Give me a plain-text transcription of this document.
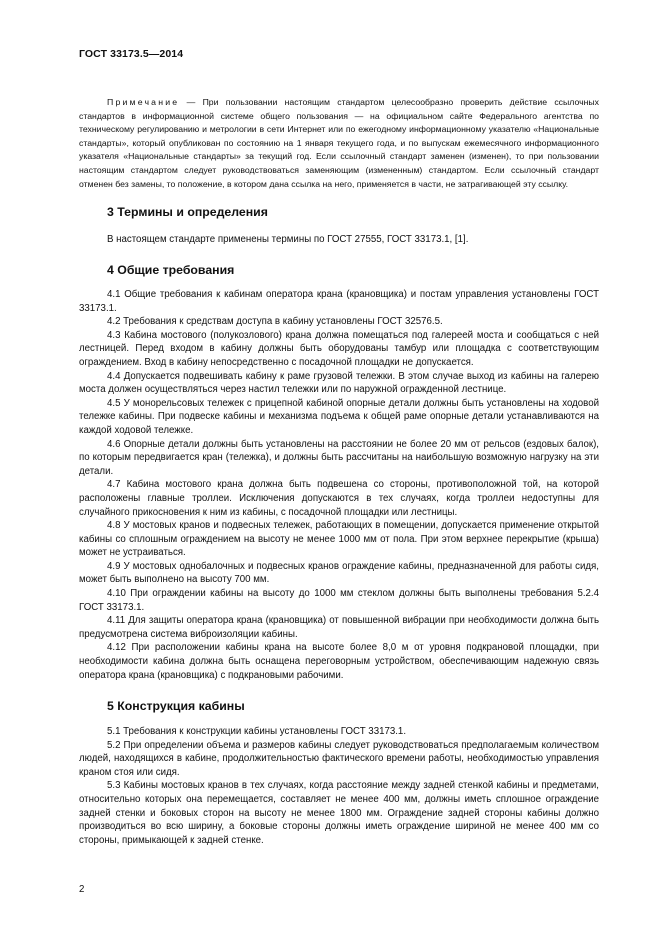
ГОСТ 33173.5—2014
Примечание — При пользовании настоящим стандартом целесообразно проверить действие ссылочных стандартов в информационной системе общего пользования — на официальном сайте Федерального агентства по техническому регулированию и метрологии в сети Интернет или по ежегодному информационному указателю «Национальные стандарты», который опубликован по состоянию на 1 января текущего года, и по выпускам ежемесячного информационного указателя «Национальные стандарты» за текущий год. Если ссылочный стандарт заменен (изменен), то при пользовании настоящим стандартом следует руководствоваться заменяющим (измененным) стандартом. Если ссылочный стандарт отменен без замены, то положение, в котором дана ссылка на него, применяется в части, не затрагивающей эту ссылку.
3 Термины и определения

В настоящем стандарте применены термины по ГОСТ 27555, ГОСТ 33173.1, [1].

4 Общие требования

4.1 Общие требования к кабинам оператора крана (крановщика) и постам управления установлены ГОСТ 33173.1.

4.2 Требования к средствам доступа в кабину установлены ГОСТ 32576.5.

4.3 Кабина мостового (полукозлового) крана должна помещаться под галереей моста и сообщаться с ней лестницей. Перед входом в кабину должны быть оборудованы тамбур или площадка с соответствующим ограждением. Вход в кабину непосредственно с посадочной площадки не допускается.

4.4 Допускается подвешивать кабину к раме грузовой тележки. В этом случае выход из кабины на галерею моста должен осуществляться через настил тележки или по наружной огражденной лестнице.

4.5 У монорельсовых тележек с прицепной кабиной опорные детали должны быть установлены на ходовой тележке кабины. При подвеске кабины и механизма подъема к общей раме опорные детали устанавливаются на каждой ходовой тележке.

4.6 Опорные детали должны быть установлены на расстоянии не более 20 мм от рельсов (ездовых балок), по которым передвигается кран (тележка), и должны быть рассчитаны на наибольшую возможную нагрузку на эти детали.

4.7 Кабина мостового крана должна быть подвешена со стороны, противоположной той, на которой расположены главные троллеи. Исключения допускаются в тех случаях, когда троллеи недоступны для случайного прикосновения к ним из кабины, с посадочной площадки или лестницы.

4.8 У мостовых кранов и подвесных тележек, работающих в помещении, допускается применение открытой кабины со сплошным ограждением на высоту не менее 1000 мм от пола. При этом верхнее перекрытие (крыша) может не устраиваться.

4.9 У мостовых однобалочных и подвесных кранов ограждение кабины, предназначенной для работы сидя, может быть выполнено на высоту 700 мм.

4.10 При ограждении кабины на высоту до 1000 мм стеклом должны быть выполнены требования 5.2.4 ГОСТ 33173.1.

4.11 Для защиты оператора крана (крановщика) от повышенной вибрации при необходимости должна быть предусмотрена система виброизоляции кабины.

4.12 При расположении кабины крана на высоте более 8,0 м от уровня подкрановой площадки, при необходимости кабина должна быть оснащена переговорным устройством, обеспечивающим надежную связь оператора крана (крановщика) с подкрановыми рабочими.

5 Конструкция кабины

5.1 Требования к конструкции кабины установлены ГОСТ 33173.1.

5.2 При определении объема и размеров кабины следует руководствоваться предполагаемым количеством людей, находящихся в кабине, продолжительностью фактического времени работы, необходимостью управления краном стоя или сидя.

5.3 Кабины мостовых кранов в тех случаях, когда расстояние между задней стенкой кабины и предметами, относительно которых она перемещается, составляет не менее 400 мм, должны иметь сплошное ограждение задней стенки и боковых сторон на высоту не менее 1800 мм. Ограждение задней стороны кабины должно производиться во всю ширину, а боковые стороны должны иметь ограждение шириной не менее 400 мм со стороны, примыкающей к задней стенке.

2
